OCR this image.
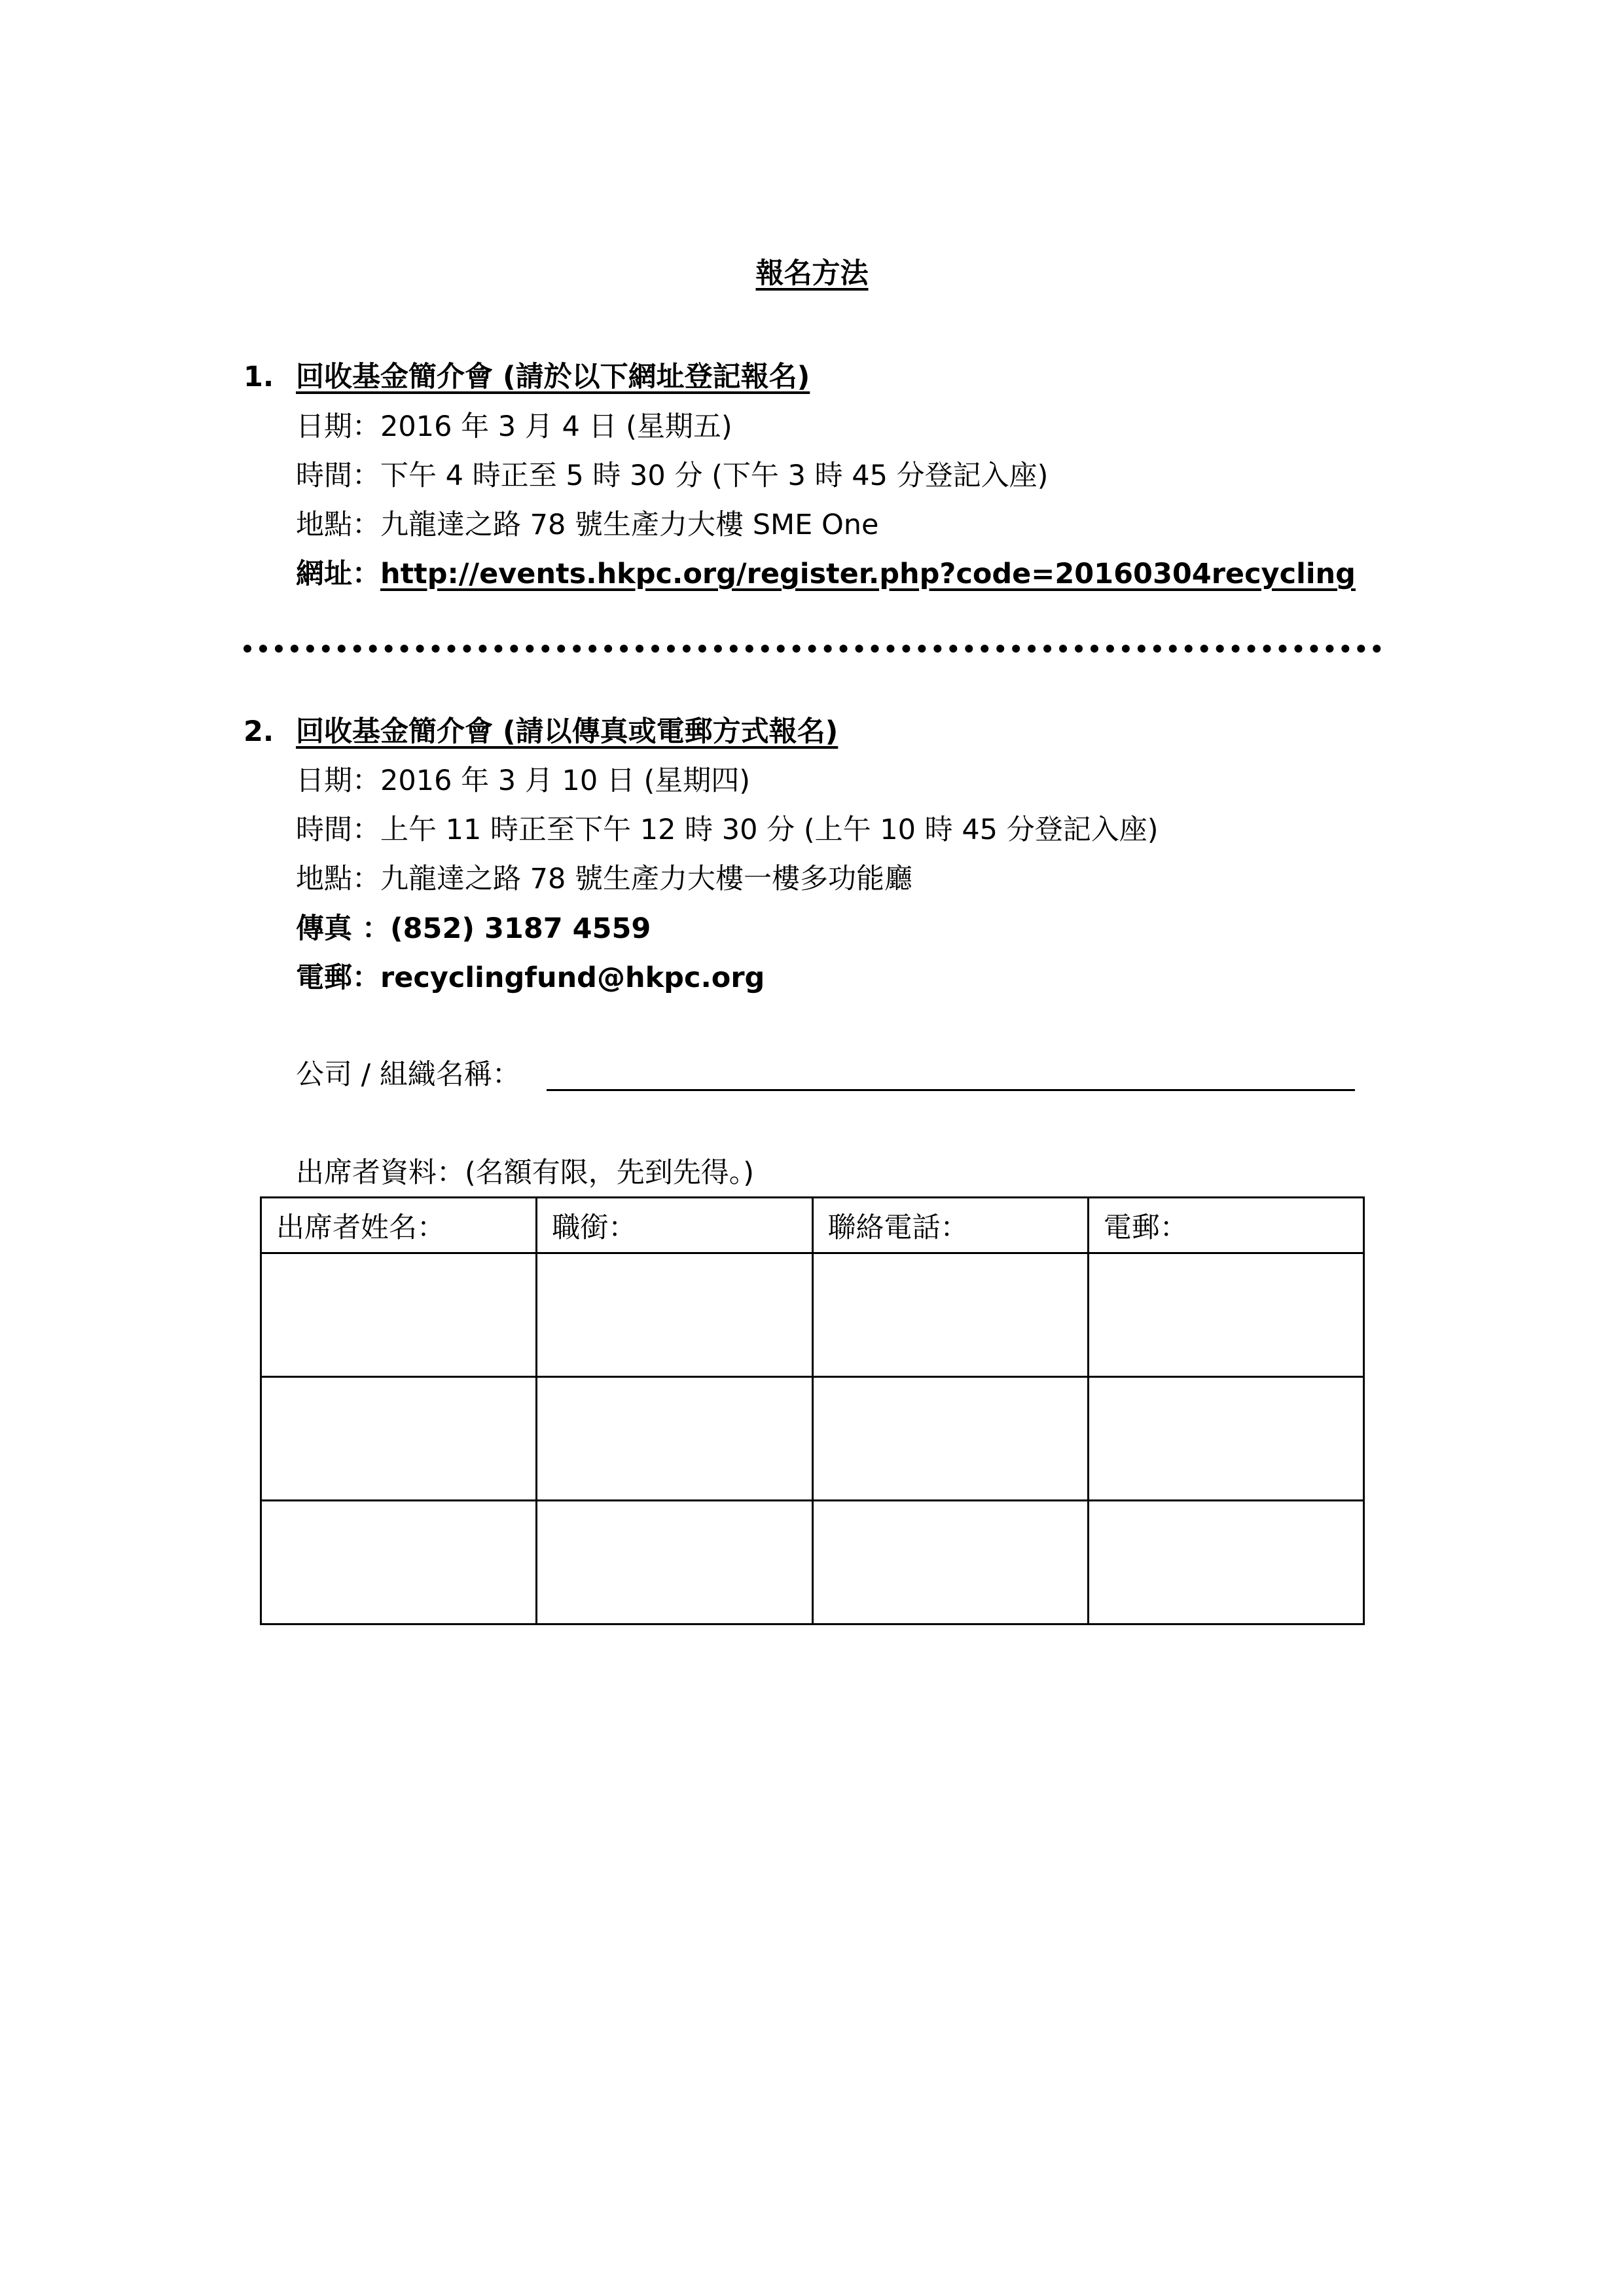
報名方法
1. 回收基金簡介會 (請於以下網址登記報名)
日期：2016 年 3 月 4 日 (星期五)
時間：下午 4 時正至 5 時 30 分 (下午 3 時 45 分登記入座)
地點：九龍達之路 78 號生產力大樓 SME One
網址：http://events.hkpc.org/register.php?code=20160304recycling
2. 回收基金簡介會 (請以傳真或電郵方式報名)
日期：2016 年 3 月 10 日 (星期四)
時間：上午 11 時正至下午 12 時 30 分 (上午 10 時 45 分登記入座)
地點：九龍達之路 78 號生產力大樓一樓多功能廳
傳真 ：(852) 3187 4559
電郵：recyclingfund@hkpc.org
公司 / 組織名稱：
出席者資料：(名額有限，先到先得。)
出席者姓名：	職銜：	聯絡電話：	電郵：
